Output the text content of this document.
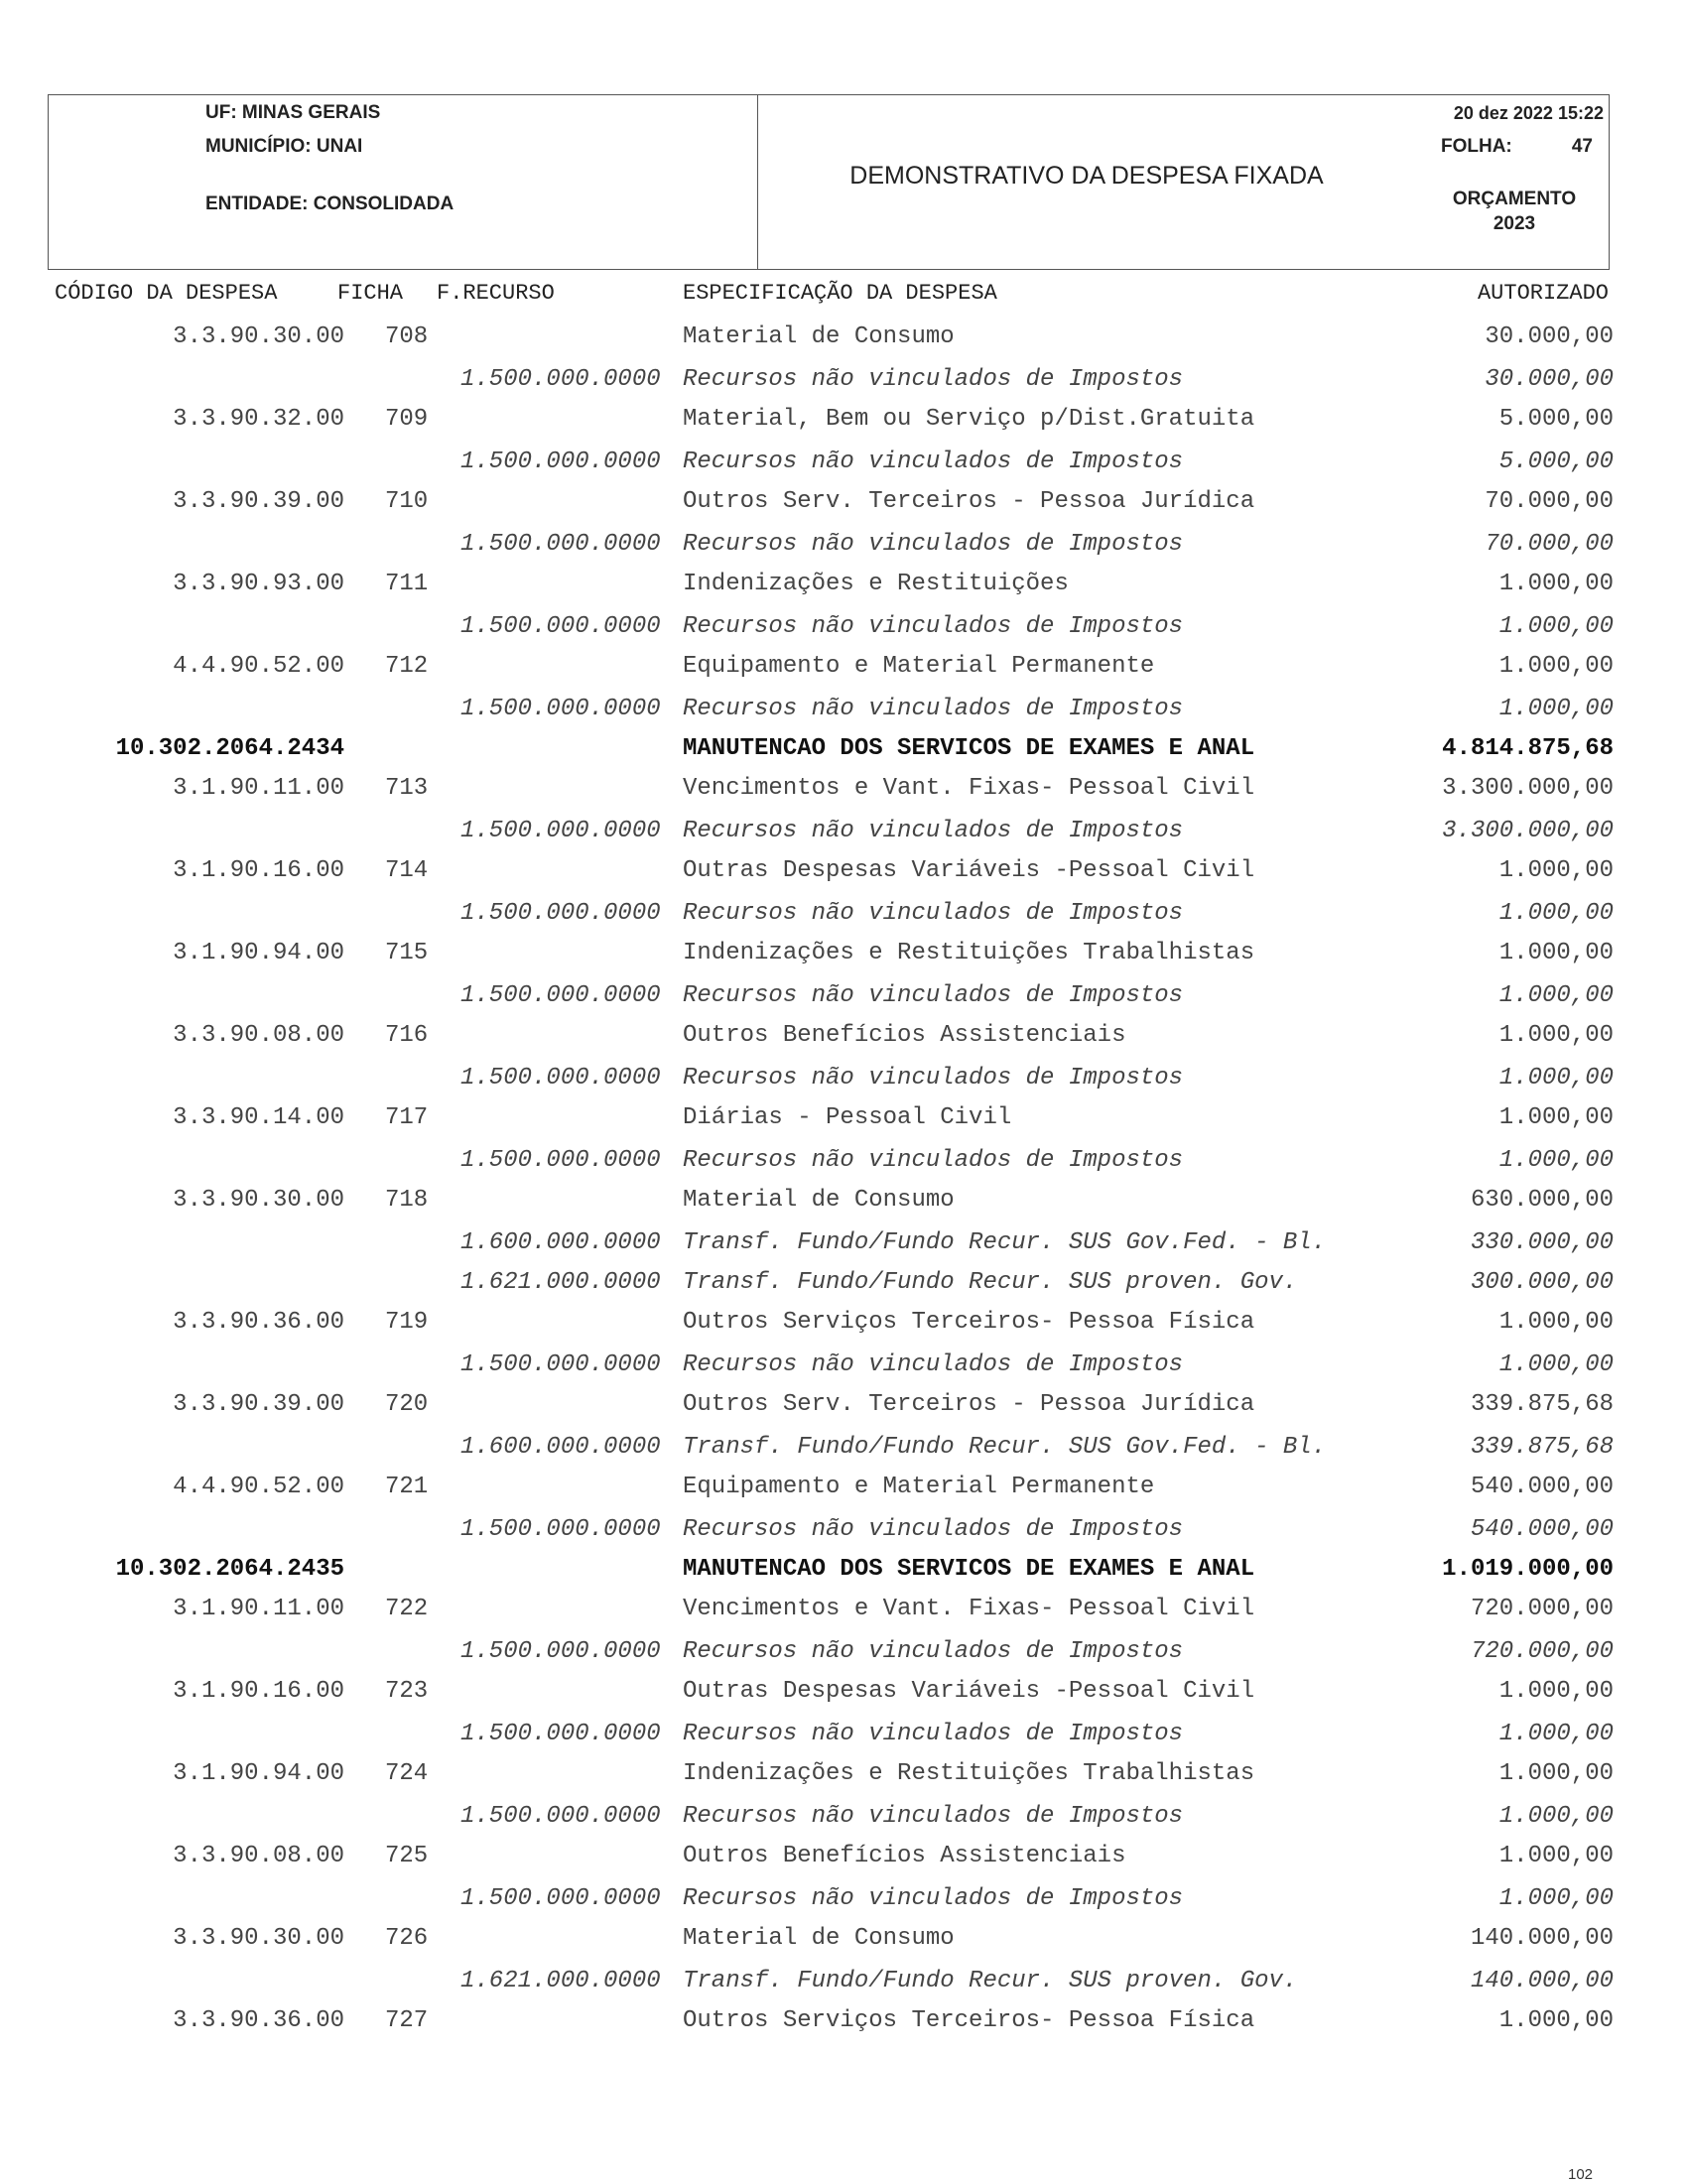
UF: MINAS GERAIS
MUNICÍPIO: UNAI
ENTIDADE: CONSOLIDADA
DEMONSTRATIVO DA DESPESA FIXADA
20 dez 2022 15:22
FOLHA:	47
ORÇAMENTO
2023
CÓDIGO DA DESPESA	FICHA F.RECURSO	ESPECIFICAÇÃO DA DESPESA	AUTORIZADO
3.3.90.30.00 708	Material de Consumo	30.000,00
1.500.000.0000 Recursos não vinculados de Impostos	30.000,00
3.3.90.32.00 709	Material, Bem ou Serviço p/Dist.Gratuita	5.000,00
1.500.000.0000 Recursos não vinculados de Impostos	5.000,00
3.3.90.39.00 710	Outros Serv. Terceiros - Pessoa Jurídica	70.000,00
1.500.000.0000 Recursos não vinculados de Impostos	70.000,00
3.3.90.93.00 711	Indenizações e Restituições	1.000,00
1.500.000.0000 Recursos não vinculados de Impostos	1.000,00
4.4.90.52.00 712	Equipamento e Material Permanente	1.000,00
1.500.000.0000 Recursos não vinculados de Impostos	1.000,00
10.302.2064.2434	MANUTENCAO DOS SERVICOS DE EXAMES E ANAL	4.814.875,68
3.1.90.11.00 713	Vencimentos e Vant. Fixas- Pessoal Civil	3.300.000,00
1.500.000.0000 Recursos não vinculados de Impostos	3.300.000,00
3.1.90.16.00 714	Outras Despesas Variáveis -Pessoal Civil	1.000,00
1.500.000.0000 Recursos não vinculados de Impostos	1.000,00
3.1.90.94.00 715	Indenizações e Restituições Trabalhistas	1.000,00
1.500.000.0000 Recursos não vinculados de Impostos	1.000,00
3.3.90.08.00 716	Outros Benefícios Assistenciais	1.000,00
1.500.000.0000 Recursos não vinculados de Impostos	1.000,00
3.3.90.14.00 717	Diárias - Pessoal Civil	1.000,00
1.500.000.0000 Recursos não vinculados de Impostos	1.000,00
3.3.90.30.00 718	Material de Consumo	630.000,00
1.600.000.0000 Transf. Fundo/Fundo Recur. SUS Gov.Fed. - Bl.	330.000,00
1.621.000.0000 Transf. Fundo/Fundo Recur. SUS proven. Gov.	300.000,00
3.3.90.36.00 719	Outros Serviços Terceiros- Pessoa Física	1.000,00
1.500.000.0000 Recursos não vinculados de Impostos	1.000,00
3.3.90.39.00 720	Outros Serv. Terceiros - Pessoa Jurídica	339.875,68
1.600.000.0000 Transf. Fundo/Fundo Recur. SUS Gov.Fed. - Bl.	339.875,68
4.4.90.52.00 721	Equipamento e Material Permanente	540.000,00
1.500.000.0000 Recursos não vinculados de Impostos	540.000,00
10.302.2064.2435	MANUTENCAO DOS SERVICOS DE EXAMES E ANAL	1.019.000,00
3.1.90.11.00 722	Vencimentos e Vant. Fixas- Pessoal Civil	720.000,00
1.500.000.0000 Recursos não vinculados de Impostos	720.000,00
3.1.90.16.00 723	Outras Despesas Variáveis -Pessoal Civil	1.000,00
1.500.000.0000 Recursos não vinculados de Impostos	1.000,00
3.1.90.94.00 724	Indenizações e Restituições Trabalhistas	1.000,00
1.500.000.0000 Recursos não vinculados de Impostos	1.000,00
3.3.90.08.00 725	Outros Benefícios Assistenciais	1.000,00
1.500.000.0000 Recursos não vinculados de Impostos	1.000,00
3.3.90.30.00 726	Material de Consumo	140.000,00
1.621.000.0000 Transf. Fundo/Fundo Recur. SUS proven. Gov.	140.000,00
3.3.90.36.00 727	Outros Serviços Terceiros- Pessoa Física	1.000,00
102
